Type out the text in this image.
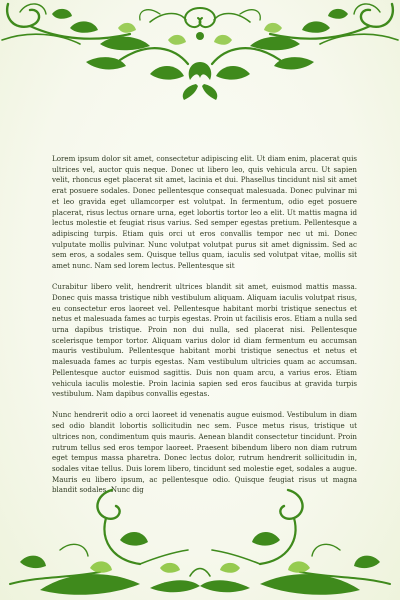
Lorem ipsum dolor sit amet, consectetur adipiscing elit. Ut diam enim, placerat quis ultrices vel, auctor quis neque. Donec ut libero leo, quis vehicula arcu. Ut sapien velit, rhoncus eget placerat sit amet, lacinia et dui. Phasellus tincidunt nisl sit amet erat posuere sodales. Donec pellentesque consequat malesuada. Donec pulvinar mi et leo gravida eget ullamcorper est volutpat. In fermentum, odio eget posuere placerat, risus lectus ornare urna, eget lobortis tortor leo a elit. Ut mattis magna id lectus molestie et feugiat risus varius. Sed semper egestas pretium. Pellentesque a adipiscing turpis. Etiam quis orci ut eros convallis tempor nec ut mi. Donec vulputate mollis pulvinar. Nunc volutpat volutpat purus sit amet dignissim. Sed ac sem eros, a sodales sem. Quisque tellus quam, iaculis sed volutpat vitae, mollis sit amet nunc. Nam sed lorem lectus. Pellentesque sit

Curabitur libero velit, hendrerit ultrices blandit sit amet, euismod mattis massa. Donec quis massa tristique nibh vestibulum aliquam. Aliquam iaculis volutpat risus, eu consectetur eros laoreet vel. Pellentesque habitant morbi tristique senectus et netus et malesuada fames ac turpis egestas. Proin ut facilisis eros. Etiam a nulla sed urna dapibus tristique. Proin non dui nulla, sed placerat nisi. Pellentesque scelerisque tempor tortor. Aliquam varius dolor id diam fermentum eu accumsan mauris vestibulum. Pellentesque habitant morbi tristique senectus et netus et malesuada fames ac turpis egestas. Nam vestibulum ultricies quam ac accumsan. Pellentesque auctor euismod sagittis. Duis non quam arcu, a varius eros. Etiam vehicula iaculis molestie. Proin lacinia sapien sed eros faucibus at gravida turpis vestibulum. Nam dapibus convallis egestas.

Nunc hendrerit odio a orci laoreet id venenatis augue euismod. Vestibulum in diam sed odio blandit lobortis sollicitudin nec sem. Fusce metus risus, tristique ut ultrices non, condimentum quis mauris. Aenean blandit consectetur tincidunt. Proin rutrum tellus sed eros tempor laoreet. Praesent bibendum libero non diam rutrum eget tempus massa pharetra. Donec lectus dolor, rutrum hendrerit sollicitudin in, sodales vitae tellus. Duis lorem libero, tincidunt sed molestie eget, sodales a augue. Mauris eu libero ipsum, ac pellentesque odio. Quisque feugiat risus ut magna blandit sodales. Nunc dig
